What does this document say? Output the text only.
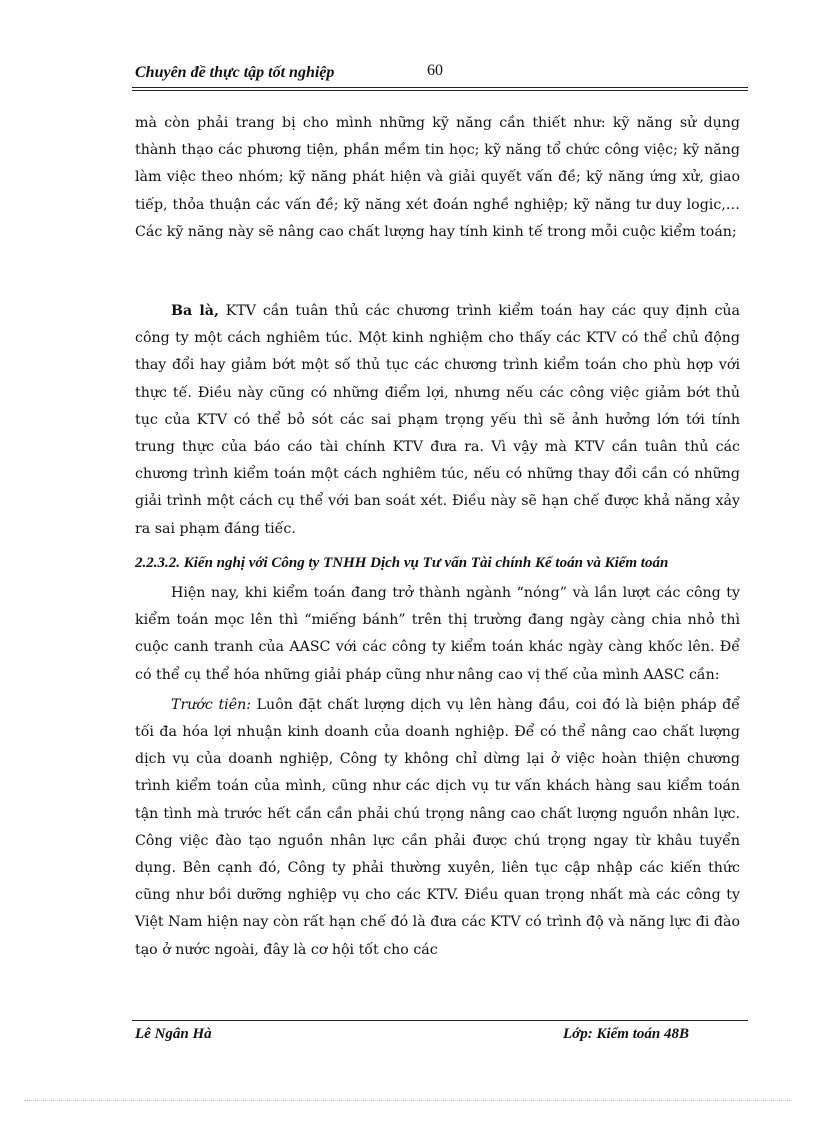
Chuyên đề thực tập tốt nghiệp	60

mà còn phải trang bị cho mình những kỹ năng cần thiết như: kỹ năng sử dụng thành thạo các phương tiện, phần mềm tin học; kỹ năng tổ chức công việc; kỹ năng làm việc theo nhóm; kỹ năng phát hiện và giải quyết vấn đề; kỹ năng ứng xử, giao tiếp, thỏa thuận các vấn đề; kỹ năng xét đoán nghề nghiệp; kỹ năng tư duy logic,… Các kỹ năng này sẽ nâng cao chất lượng hay tính kinh tế trong mỗi cuộc kiểm toán;

Ba là, KTV cần tuân thủ các chương trình kiểm toán hay các quy định của công ty một cách nghiêm túc. Một kinh nghiệm cho thấy các KTV có thể chủ động thay đổi hay giảm bớt một số thủ tục các chương trình kiểm toán cho phù hợp với thực tế. Điều này cũng có những điểm lợi, nhưng nếu các công việc giảm bớt thủ tục của KTV có thể bỏ sót các sai phạm trọng yếu thì sẽ ảnh hưởng lớn tới tính trung thực của báo cáo tài chính KTV đưa ra. Vì vậy mà KTV cần tuân thủ các chương trình kiểm toán một cách nghiêm túc, nếu có những thay đổi cần có những giải trình một cách cụ thể với ban soát xét. Điều này sẽ hạn chế được khả năng xảy ra sai phạm đáng tiếc.

2.2.3.2. Kiến nghị với Công ty TNHH Dịch vụ Tư vấn Tài chính Kế toán và Kiểm toán

Hiện nay, khi kiểm toán đang trở thành ngành “nóng” và lần lượt các công ty kiểm toán mọc lên thì “miếng bánh” trên thị trường đang ngày càng chia nhỏ thì cuộc canh tranh của AASC với các công ty kiểm toán khác ngày càng khốc lên. Để có thể cụ thể hóa những giải pháp cũng như nâng cao vị thế của mình AASC cần:

Trước tiên: Luôn đặt chất lượng dịch vụ lên hàng đầu, coi đó là biện pháp để tối đa hóa lợi nhuận kinh doanh của doanh nghiệp. Để có thể nâng cao chất lượng dịch vụ của doanh nghiệp, Công ty không chỉ dừng lại ở việc hoàn thiện chương trình kiểm toán của mình, cũng như các dịch vụ tư vấn khách hàng sau kiểm toán tận tình mà trước hết cần cần phải chú trọng nâng cao chất lượng nguồn nhân lực. Công việc đào tạo nguồn nhân lực cần phải được chú trọng ngay từ khâu tuyển dụng. Bên cạnh đó, Công ty phải thường xuyên, liên tục cập nhập các kiến thức cũng như bồi dưỡng nghiệp vụ cho các KTV. Điều quan trọng nhất mà các công ty Việt Nam hiện nay còn rất hạn chế đó là đưa các KTV có trình độ và năng lực đi đào tạo ở nước ngoài, đây là cơ hội tốt cho các

Lê Ngân Hà	Lớp: Kiểm toán 48B
